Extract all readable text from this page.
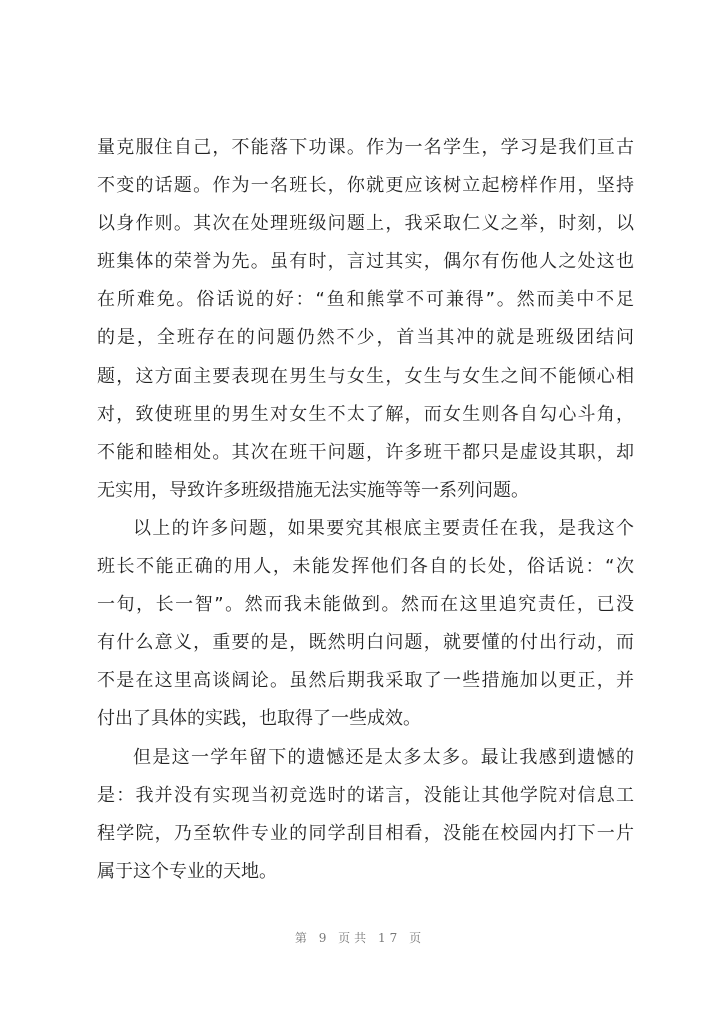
量克服住自己，不能落下功课。作为一名学生，学习是我们亘古
不变的话题。作为一名班长，你就更应该树立起榜样作用，坚持
以身作则。其次在处理班级问题上，我采取仁义之举，时刻，以
班集体的荣誉为先。虽有时，言过其实，偶尔有伤他人之处这也
在所难免。俗话说的好：“鱼和熊掌不可兼得”。然而美中不足
的是，全班存在的问题仍然不少，首当其冲的就是班级团结问
题，这方面主要表现在男生与女生，女生与女生之间不能倾心相
对，致使班里的男生对女生不太了解，而女生则各自勾心斗角，
不能和睦相处。其次在班干问题，许多班干都只是虚设其职，却
无实用，导致许多班级措施无法实施等等一系列问题。
以上的许多问题，如果要究其根底主要责任在我，是我这个
班长不能正确的用人，未能发挥他们各自的长处，俗话说：“次
一旬，长一智”。然而我未能做到。然而在这里追究责任，已没
有什么意义，重要的是，既然明白问题，就要懂的付出行动，而
不是在这里高谈阔论。虽然后期我采取了一些措施加以更正，并
付出了具体的实践，也取得了一些成效。
但是这一学年留下的遗憾还是太多太多。最让我感到遗憾的
是：我并没有实现当初竞选时的诺言，没能让其他学院对信息工
程学院，乃至软件专业的同学刮目相看，没能在校园内打下一片
属于这个专业的天地。
第 9 页共 17 页
